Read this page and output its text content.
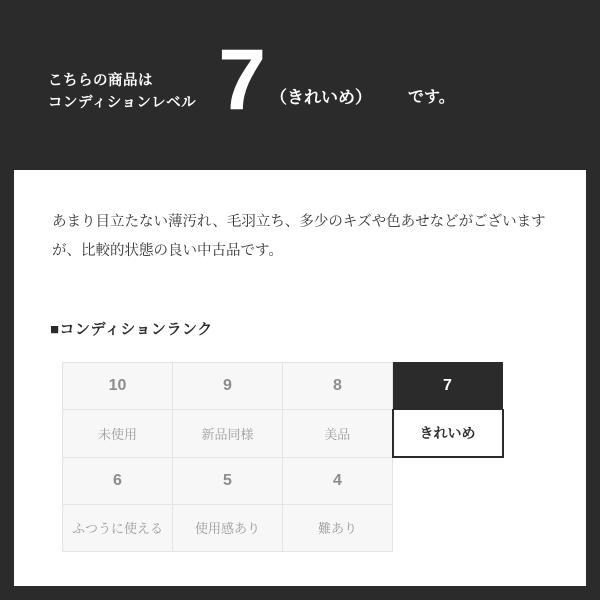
こちらの商品は
コンディションレベル 7 （きれいめ） です。
あまり目立たない薄汚れ、毛羽立ち、多少のキズや色あせなどがございますが、比較的状態の良い中古品です。
■コンディションランク
10	9	8	7
未使用	新品同様	美品	きれいめ
6	5	4	
ふつうに使える	使用感あり	難あり	
